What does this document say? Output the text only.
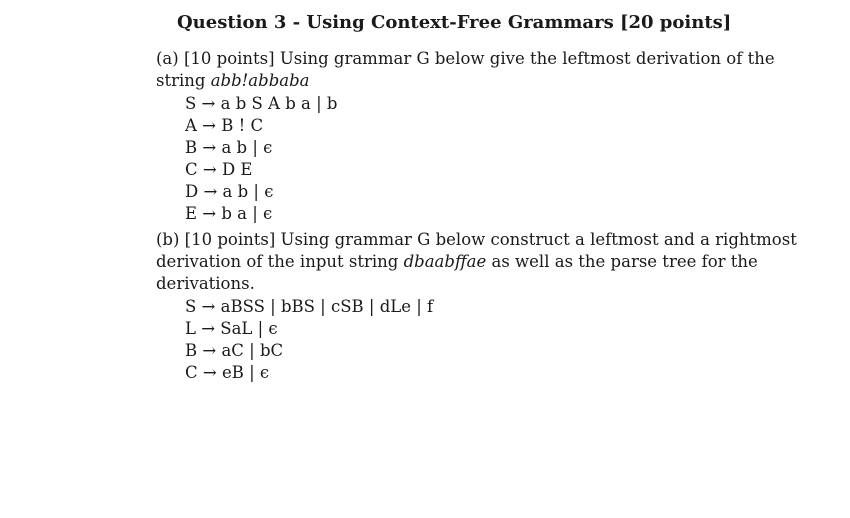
Question 3 - Using Context-Free Grammars [20 points]
(a) [10 points] Using grammar G below give the leftmost derivation of the
string abb!abbaba
S → a b S A b a | b
A → B ! C
B → a b | ϵ
C → D E
D → a b | ϵ
E → b a | ϵ
(b) [10 points] Using grammar G below construct a leftmost and a rightmost
derivation of the input string dbaabffae as well as the parse tree for the
derivations.
S → aBSS | bBS | cSB | dLe | f
L → SaL | ϵ
B → aC | bC
C → eB | ϵ
